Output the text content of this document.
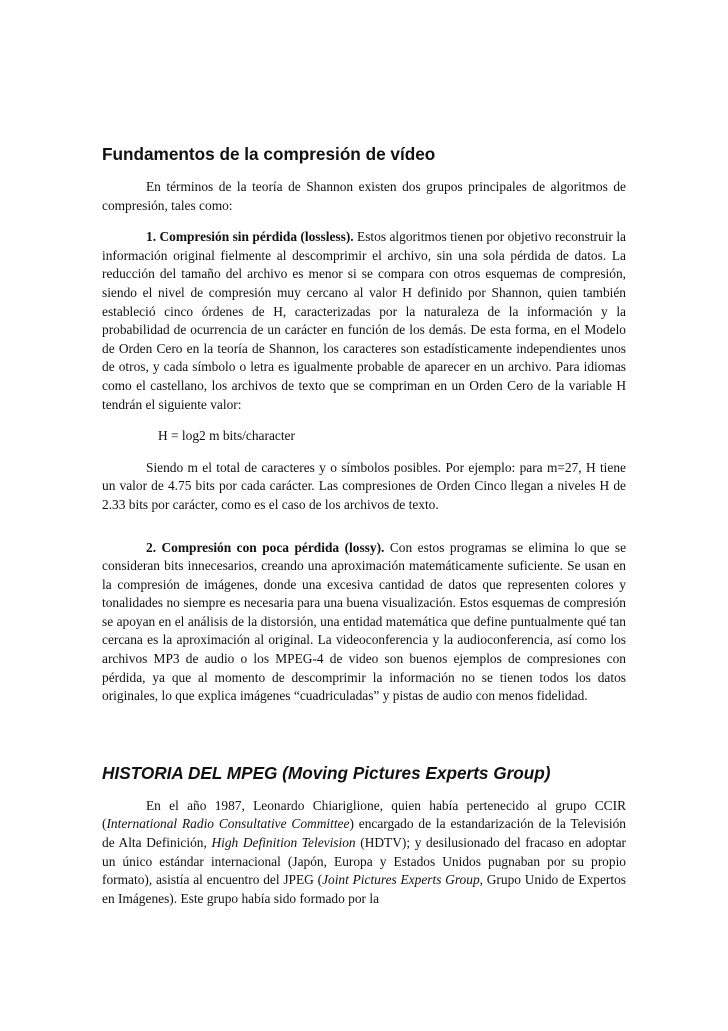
Fundamentos de la compresión de vídeo

En términos de la teoría de Shannon existen dos grupos principales de algoritmos de compresión, tales como:

1. Compresión sin pérdida (lossless). Estos algoritmos tienen por objetivo reconstruir la información original fielmente al descomprimir el archivo, sin una sola pérdida de datos. La reducción del tamaño del archivo es menor si se compara con otros esquemas de compresión, siendo el nivel de compresión muy cercano al valor H definido por Shannon, quien también estableció cinco órdenes de H, caracterizadas por la naturaleza de la información y la probabilidad de ocurrencia de un carácter en función de los demás. De esta forma, en el Modelo de Orden Cero en la teoría de Shannon, los caracteres son estadísticamente independientes unos de otros, y cada símbolo o letra es igualmente probable de aparecer en un archivo. Para idiomas como el castellano, los archivos de texto que se compriman en un Orden Cero de la variable H tendrán el siguiente valor:

H = log2 m bits/character

Siendo m el total de caracteres y o símbolos posibles. Por ejemplo: para m=27, H tiene un valor de 4.75 bits por cada carácter. Las compresiones de Orden Cinco llegan a niveles H de 2.33 bits por carácter, como es el caso de los archivos de texto.

2. Compresión con poca pérdida (lossy). Con estos programas se elimina lo que se consideran bits innecesarios, creando una aproximación matemáticamente suficiente. Se usan en la compresión de imágenes, donde una excesiva cantidad de datos que representen colores y tonalidades no siempre es necesaria para una buena visualización. Estos esquemas de compresión se apoyan en el análisis de la distorsión, una entidad matemática que define puntualmente qué tan cercana es la aproximación al original. La videoconferencia y la audioconferencia, así como los archivos MP3 de audio o los MPEG-4 de video son buenos ejemplos de compresiones con pérdida, ya que al momento de descomprimir la información no se tienen todos los datos originales, lo que explica imágenes “cuadriculadas” y pistas de audio con menos fidelidad.

HISTORIA DEL MPEG (Moving Pictures Experts Group)

En el año 1987, Leonardo Chiariglione, quien había pertenecido al grupo CCIR (International Radio Consultative Committee) encargado de la estandarización de la Televisión de Alta Definición, High Definition Television (HDTV); y desilusionado del fracaso en adoptar un único estándar internacional (Japón, Europa y Estados Unidos pugnaban por su propio formato), asistía al encuentro del JPEG (Joint Pictures Experts Group, Grupo Unido de Expertos en Imágenes). Este grupo había sido formado por la
